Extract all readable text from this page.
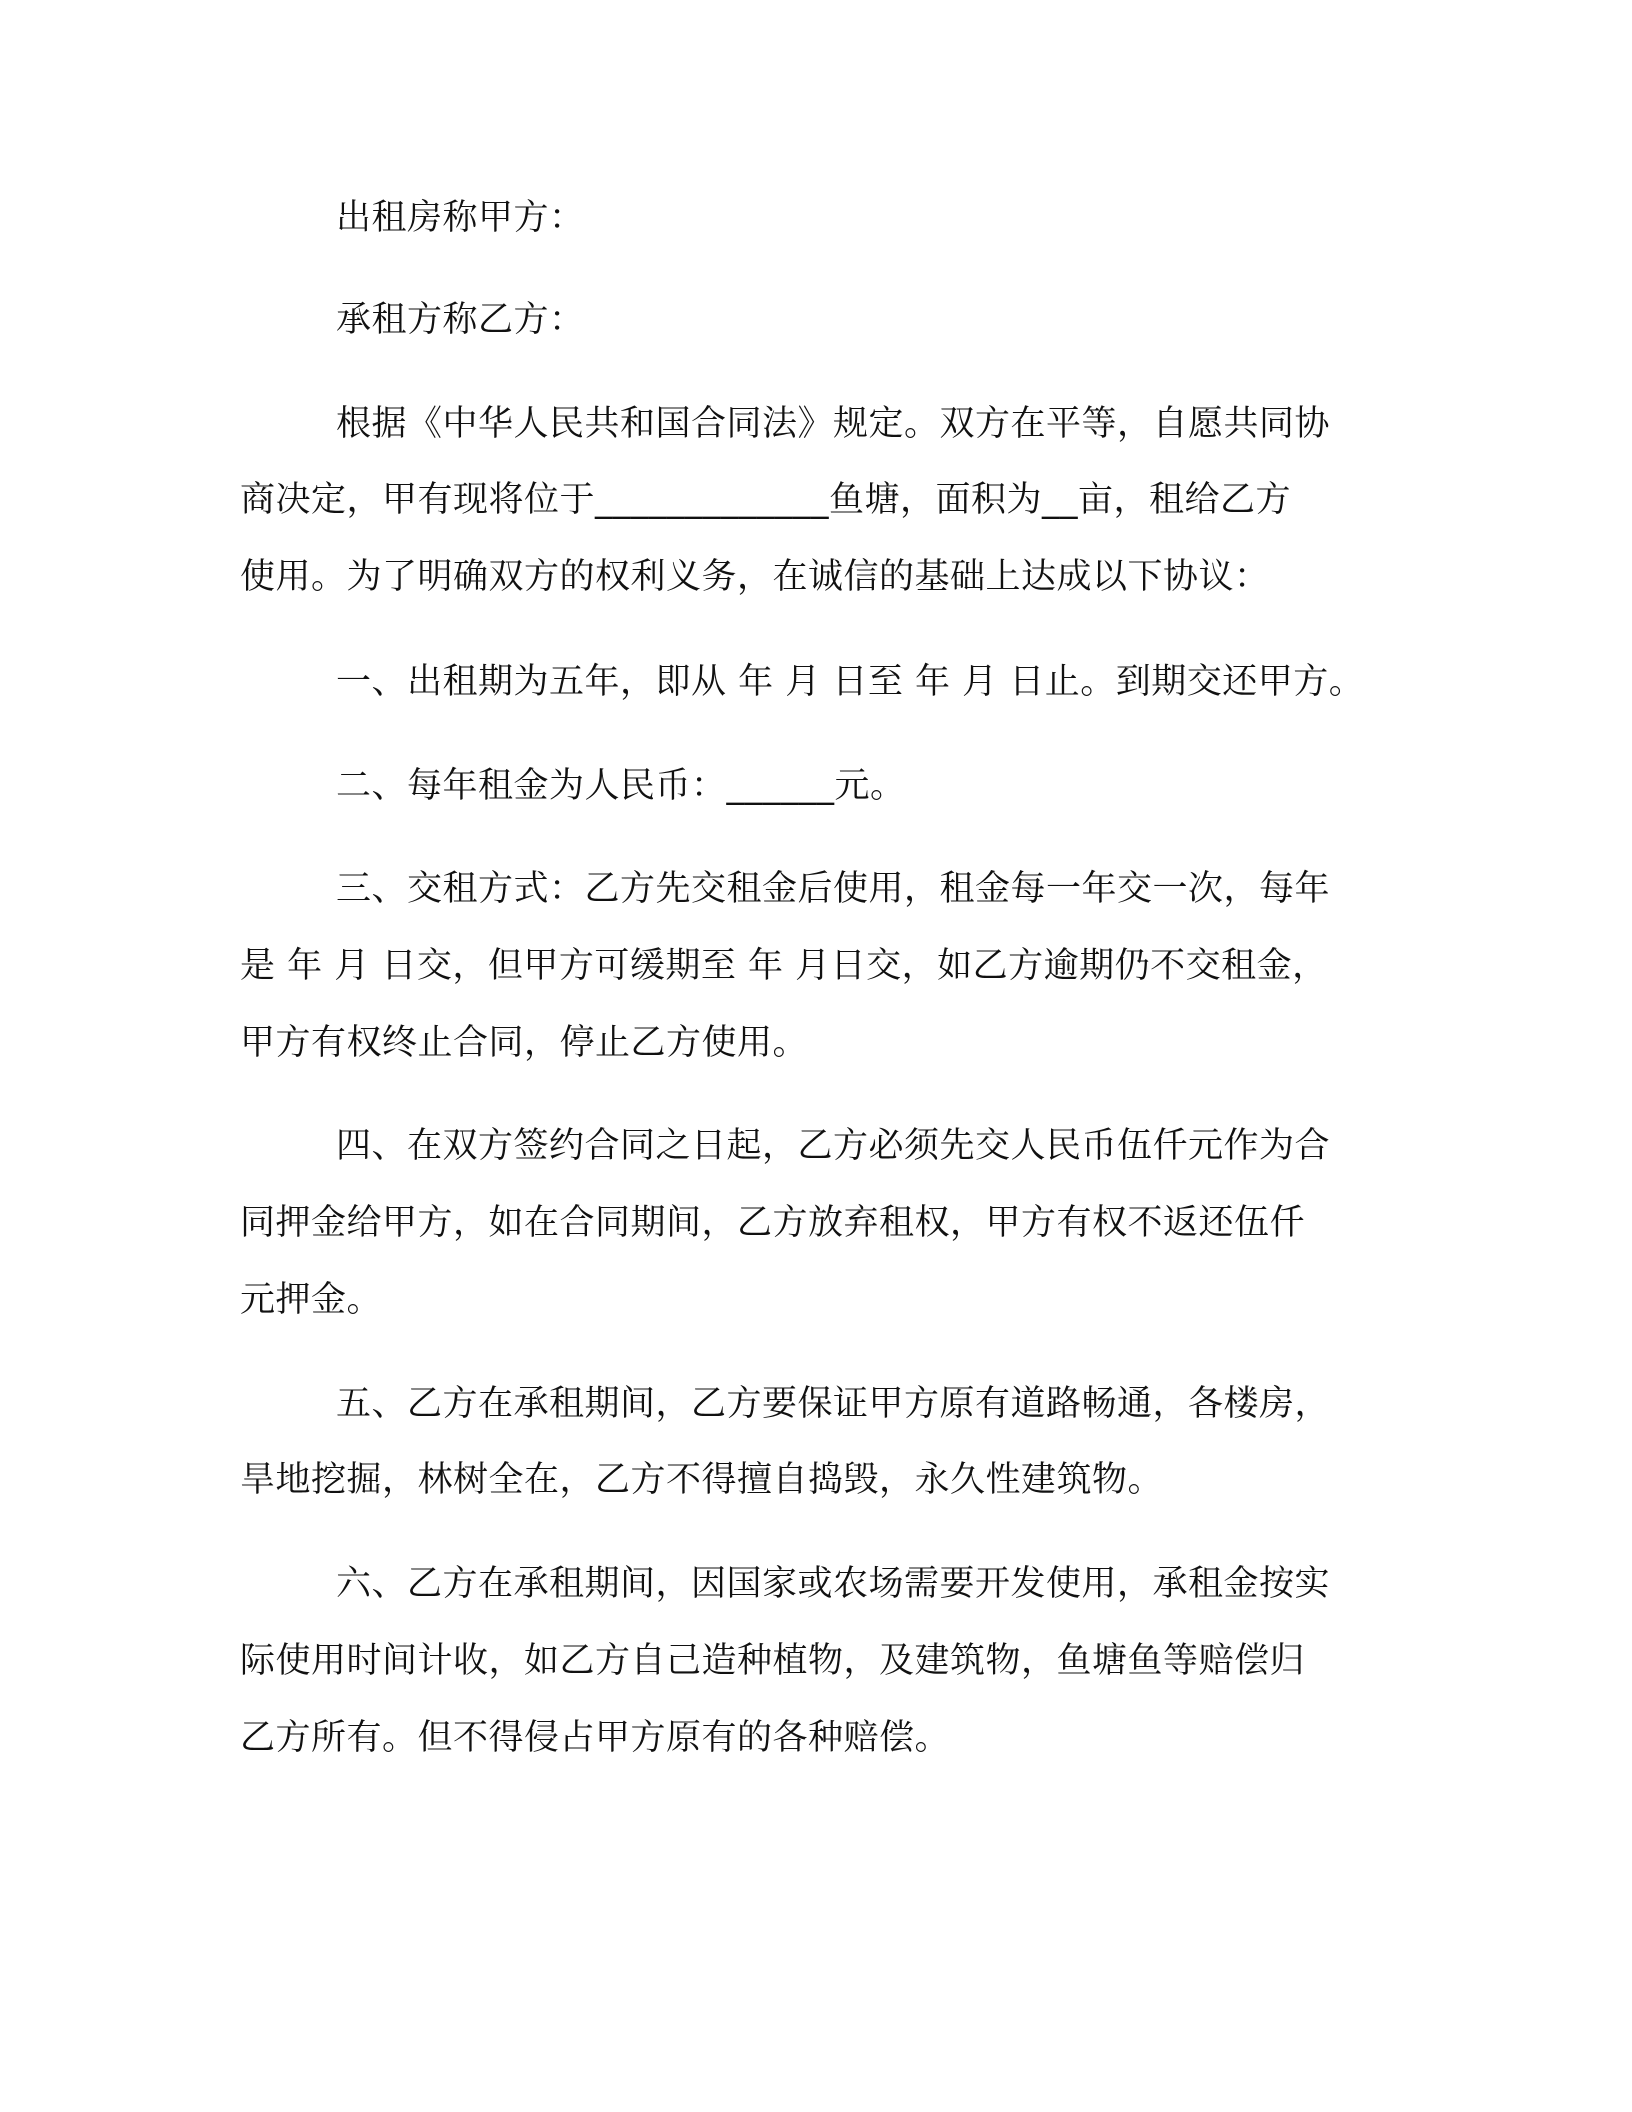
出租房称甲方：
承租方称乙方：
根据《中华人民共和国合同法》规定。双方在平等，自愿共同协
商决定，甲有现将位于_____________鱼塘，面积为__亩，租给乙方
使用。为了明确双方的权利义务，在诚信的基础上达成以下协议：
一、出租期为五年，即从 年 月 日至 年 月 日止。到期交还甲方。
二、每年租金为人民币：______元。
三、交租方式：乙方先交租金后使用，租金每一年交一次，每年
是 年 月 日交，但甲方可缓期至 年 月日交，如乙方逾期仍不交租金，
甲方有权终止合同，停止乙方使用。
四、在双方签约合同之日起，乙方必须先交人民币伍仟元作为合
同押金给甲方，如在合同期间，乙方放弃租权，甲方有权不返还伍仟
元押金。
五、乙方在承租期间，乙方要保证甲方原有道路畅通，各楼房，
旱地挖掘，林树全在，乙方不得擅自捣毁，永久性建筑物。
六、乙方在承租期间，因国家或农场需要开发使用，承租金按实
际使用时间计收，如乙方自己造种植物，及建筑物，鱼塘鱼等赔偿归
乙方所有。但不得侵占甲方原有的各种赔偿。
